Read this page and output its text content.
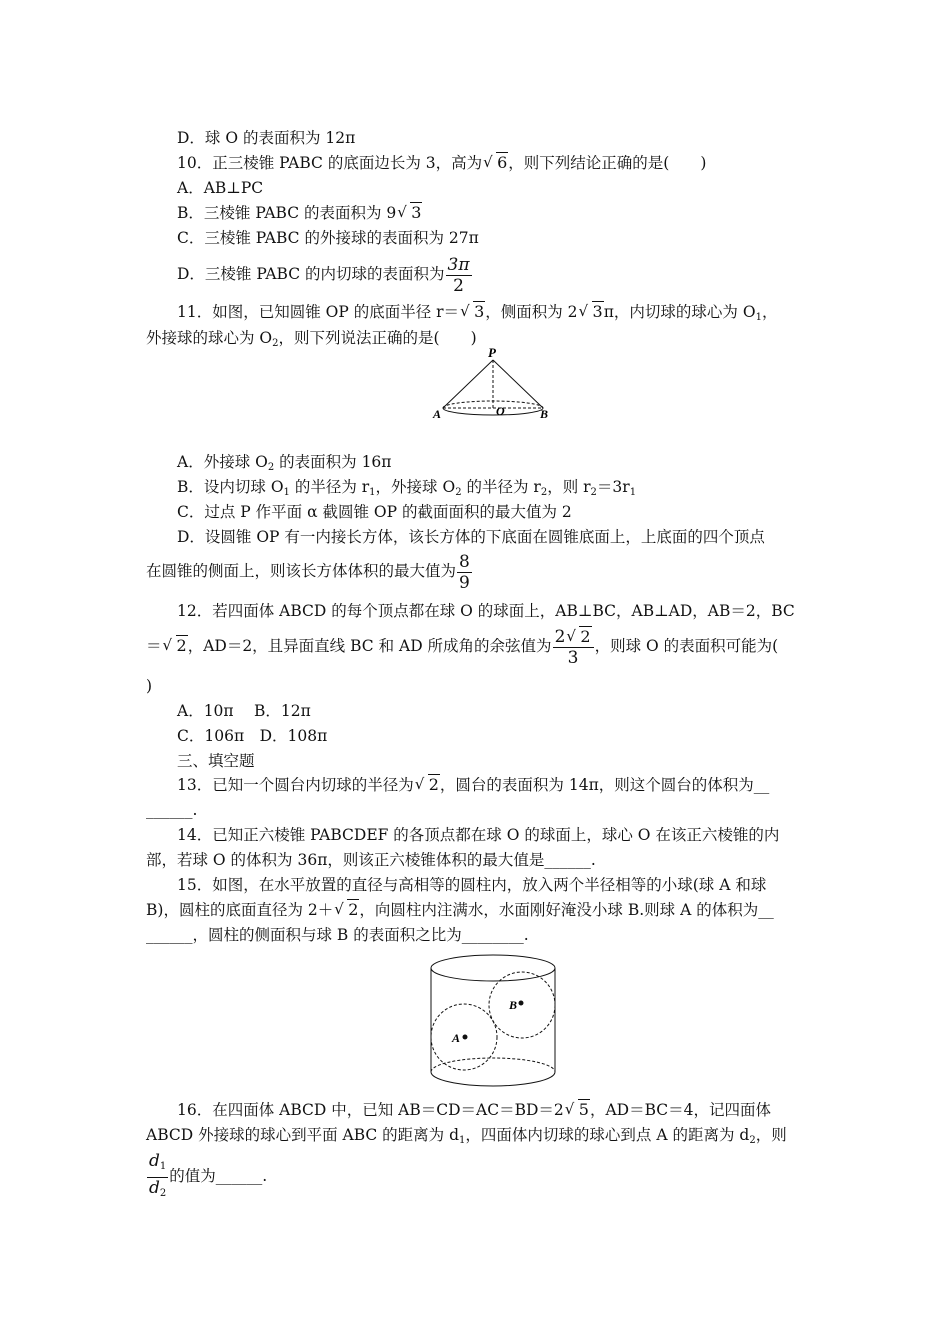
D．球 O 的表面积为 12π
10．正三棱锥 PABC 的底面边长为 3，高为 √ 6，则下列结论正确的是(　　)
A．AB⊥PC
B．三棱锥 PABC 的表面积为 9 √ 3
C．三棱锥 PABC 的外接球的表面积为 27π
D．三棱锥 PABC 的内切球的表面积为 $\frac{3\pi}{2}$
11．如图，已知圆锥 OP 的底面半径 r＝ √ 3，侧面积为 2 √ 3π，内切球的球心为 $O_1$，
外接球的球心为 $O_2$，则下列说法正确的是(　　)
P
O
A	B
A．外接球 $O_2$ 的表面积为 16π
B．设内切球 $O_1$ 的半径为 $r_1$，外接球 $O_2$ 的半径为 $r_2$，则 $r_2=3r_1$
C．过点 P 作平面 α 截圆锥 OP 的截面面积的最大值为 2
D．设圆锥 OP 有一内接长方体，该长方体的下底面在圆锥底面上，上底面的四个顶点
在圆锥的侧面上，则该长方体体积的最大值为 $\frac{8}{9}$
12．若四面体 ABCD 的每个顶点都在球 O 的球面上，AB⊥BC，AB⊥AD，AB＝2，BC
＝ √ 2，AD＝2，且异面直线 BC 和 AD 所成角的余弦值为 $\frac{2 √ 2}{3}$ ，则球 O 的表面积可能为(
)
A．10π　 B．12π
C．106π　D．108π
三、填空题
13．已知一个圆台内切球的半径为 √ 2，圆台的表面积为 14π，则这个圆台的体积为__
______.
14．已知正六棱锥 PABCDEF 的各顶点都在球 O 的球面上，球心 O 在该正六棱锥的内
部，若球 O 的体积为 36π，则该正六棱锥体积的最大值是______.
15．如图，在水平放置的直径与高相等的圆柱内，放入两个半径相等的小球(球 A 和球
B)，圆柱的底面直径为 2＋ √ 2，向圆柱内注满水，水面刚好淹没小球 B.则球 A 的体积为__
______，圆柱的侧面积与球 B 的表面积之比为________.
B
A
16．在四面体 ABCD 中，已知 AB＝CD＝AC＝BD＝2 √ 5，AD＝BC＝4，记四面体
ABCD 外接球的球心到平面 ABC 的距离为 $d_1$，四面体内切球的球心到点 A 的距离为 $d_2$，则
$\frac{d_1}{d_2}$ 的值为______.
